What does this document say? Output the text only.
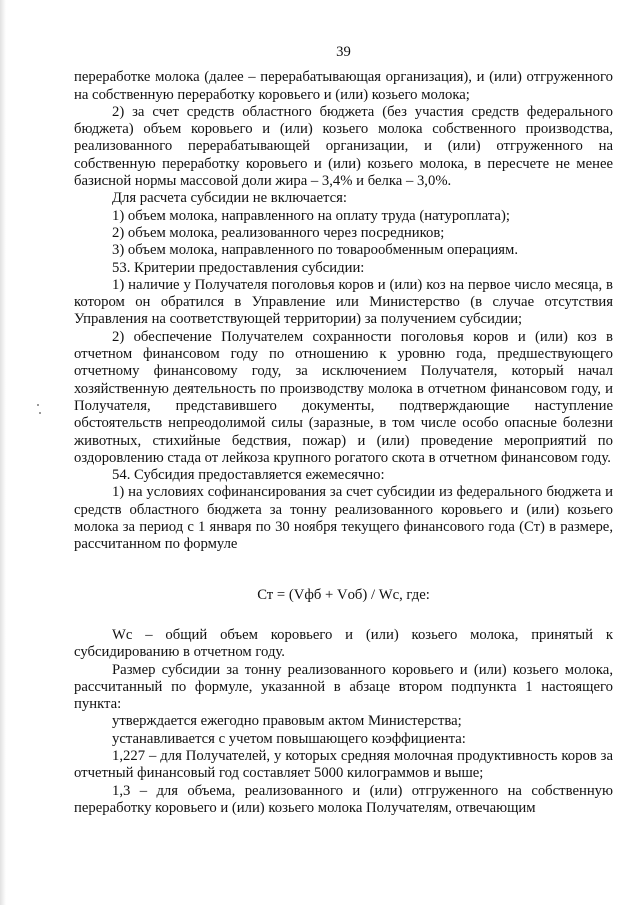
39

переработке молока (далее – перерабатывающая организация), и (или) отгруженного на собственную переработку коровьего и (или) козьего молока;

2) за счет средств областного бюджета (без участия средств федерального бюджета) объем коровьего и (или) козьего молока собственного производства, реализованного перерабатывающей организации, и (или) отгруженного на собственную переработку коровьего и (или) козьего молока, в пересчете не менее базисной нормы массовой доли жира – 3,4% и белка – 3,0%.

Для расчета субсидии не включается:

1) объем молока, направленного на оплату труда (натуроплата);

2) объем молока, реализованного через посредников;

3) объем молока, направленного по товарообменным операциям.

53. Критерии предоставления субсидии:

1) наличие у Получателя поголовья коров и (или) коз на первое число месяца, в котором он обратился в Управление или Министерство (в случае отсутствия Управления на соответствующей территории) за получением субсидии;

2) обеспечение Получателем сохранности поголовья коров и (или) коз в отчетном финансовом году по отношению к уровню года, предшествующего отчетному финансовому году, за исключением Получателя, который начал хозяйственную деятельность по производству молока в отчетном финансовом году, и Получателя, представившего документы, подтверждающие наступление обстоятельств непреодолимой силы (заразные, в том числе особо опасные болезни животных, стихийные бедствия, пожар) и (или) проведение мероприятий по оздоровлению стада от лейкоза крупного рогатого скота в отчетном финансовом году.

54. Субсидия предоставляется ежемесячно:

1) на условиях софинансирования за счет субсидии из федерального бюджета и средств областного бюджета за тонну реализованного коровьего и (или) козьего молока за период с 1 января по 30 ноября текущего финансового года (Ст) в размере, рассчитанном по формуле

Ст = (Vфб + Vоб) / Wс, где:

Wс – общий объем коровьего и (или) козьего молока, принятый к субсидированию в отчетном году.

Размер субсидии за тонну реализованного коровьего и (или) козьего молока, рассчитанный по формуле, указанной в абзаце втором подпункта 1 настоящего пункта:

утверждается ежегодно правовым актом Министерства;

устанавливается с учетом повышающего коэффициента:

1,227 – для Получателей, у которых средняя молочная продуктивность коров за отчетный финансовый год составляет 5000 килограммов и выше;

1,3 – для объема, реализованного и (или) отгруженного на собственную переработку коровьего и (или) козьего молока Получателям, отвечающим
